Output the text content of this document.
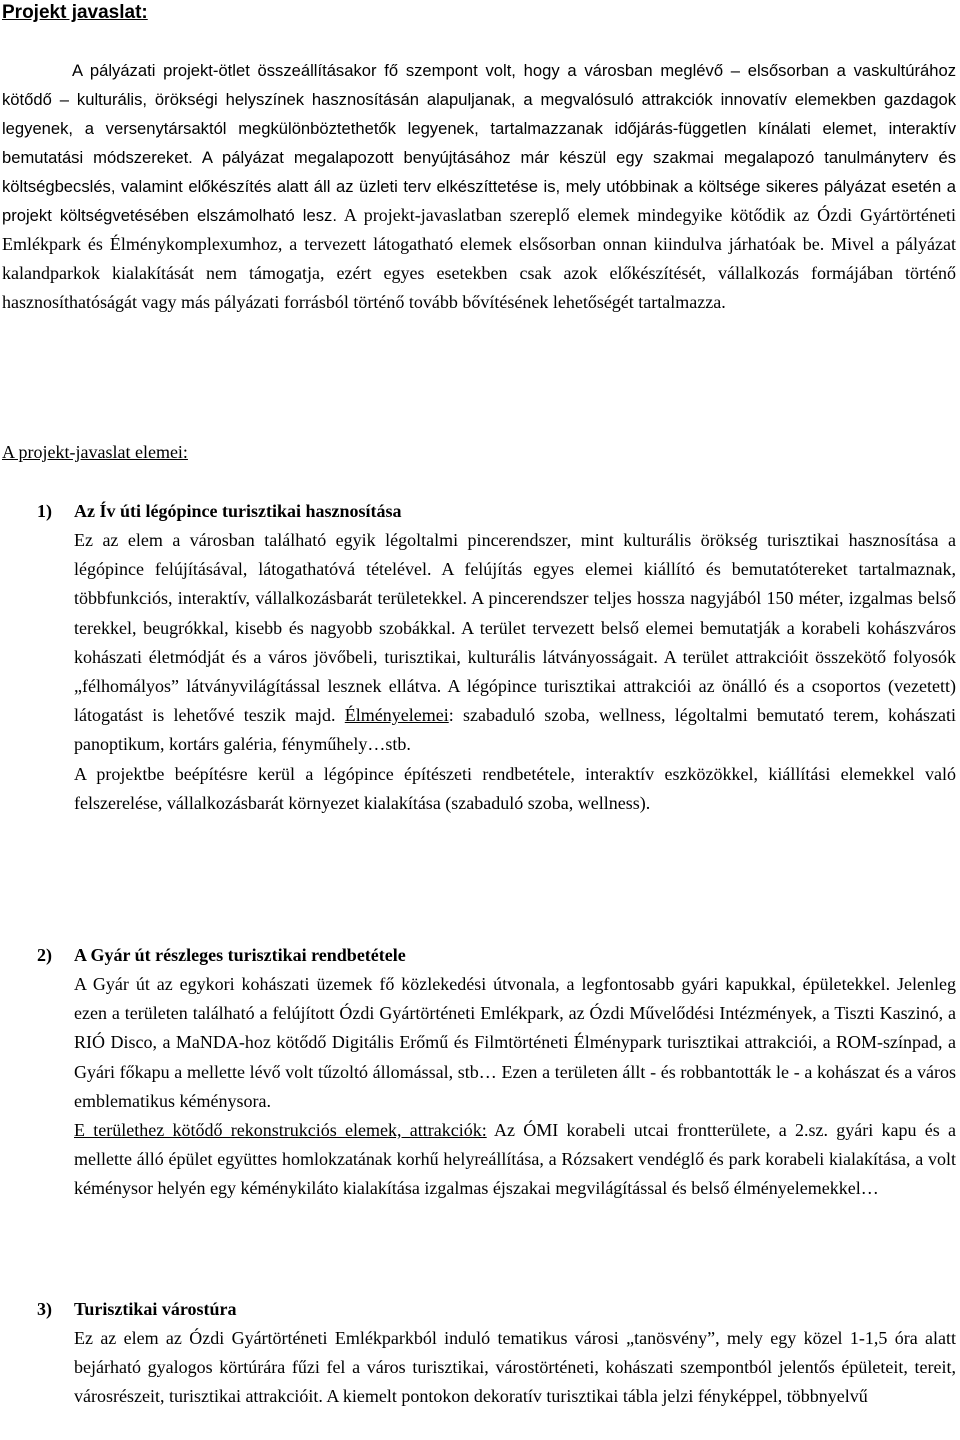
Projekt javaslat:

A pályázati projekt-ötlet összeállításakor fő szempont volt, hogy a városban meglévő – elsősorban a vaskultúrához kötődő – kulturális, örökségi helyszínek hasznosításán alapuljanak, a megvalósuló attrakciók innovatív elemekben gazdagok legyenek, a versenytársaktól megkülönböztethetők legyenek, tartalmazzanak időjárás-független kínálati elemet, interaktív bemutatási módszereket. A pályázat megalapozott benyújtásához már készül egy szakmai megalapozó tanulmányterv és költségbecslés, valamint előkészítés alatt áll az üzleti terv elkészíttetése is, mely utóbbinak a költsége sikeres pályázat esetén a projekt költségvetésében elszámolható lesz. A projekt-javaslatban szereplő elemek mindegyike kötődik az Ózdi Gyártörténeti Emlékpark és Élménykomplexumhoz, a tervezett látogatható elemek elsősorban onnan kiindulva járhatóak be. Mivel a pályázat kalandparkok kialakítását nem támogatja, ezért egyes esetekben csak azok előkészítését, vállalkozás formájában történő hasznosíthatóságát vagy más pályázati forrásból történő tovább bővítésének lehetőségét tartalmazza.

A projekt-javaslat elemei:

1) Az Ív úti légópince turisztikai hasznosítása

Ez az elem a városban található egyik légoltalmi pincerendszer, mint kulturális örökség turisztikai hasznosítása a légópince felújításával, látogathatóvá tételével. A felújítás egyes elemei kiállító és bemutatótereket tartalmaznak, többfunkciós, interaktív, vállalkozásbarát területekkel. A pincerendszer teljes hossza nagyjából 150 méter, izgalmas belső terekkel, beugrókkal, kisebb és nagyobb szobákkal. A terület tervezett belső elemei bemutatják a korabeli kohászváros kohászati életmódját és a város jövőbeli, turisztikai, kulturális látványosságait. A terület attrakcióit összekötő folyosók „félhomályos” látványvilágítással lesznek ellátva. A légópince turisztikai attrakciói az önálló és a csoportos (vezetett) látogatást is lehetővé teszik majd. Élményelemei: szabaduló szoba, wellness, légoltalmi bemutató terem, kohászati panoptikum, kortárs galéria, fényműhely…stb.

A projektbe beépítésre kerül a légópince építészeti rendbetétele, interaktív eszközökkel, kiállítási elemekkel való felszerelése, vállalkozásbarát környezet kialakítása (szabaduló szoba, wellness).

2) A Gyár út részleges turisztikai rendbetétele

A Gyár út az egykori kohászati üzemek fő közlekedési útvonala, a legfontosabb gyári kapukkal, épületekkel. Jelenleg ezen a területen található a felújított Ózdi Gyártörténeti Emlékpark, az Ózdi Művelődési Intézmények, a Tiszti Kaszinó, a RIÓ Disco, a MaNDA-hoz kötődő Digitális Erőmű és Filmtörténeti Élménypark turisztikai attrakciói, a ROM-színpad, a Gyári főkapu a mellette lévő volt tűzoltó állomással, stb… Ezen a területen állt - és robbantották le - a kohászat és a város emblematikus kéménysora.

E területhez kötődő rekonstrukciós elemek, attrakciók: Az ÓMI korabeli utcai frontterülete, a 2.sz. gyári kapu és a mellette álló épület együttes homlokzatának korhű helyreállítása, a Rózsakert vendéglő és park korabeli kialakítása, a volt kéménysor helyén egy kéménykiláto kialakítása izgalmas éjszakai megvilágítással és belső élményelemekkel…

3) Turisztikai várostúra

Ez az elem az Ózdi Gyártörténeti Emlékparkból induló tematikus városi „tanösvény”, mely egy közel 1-1,5 óra alatt bejárható gyalogos körtúrára fűzi fel a város turisztikai, várostörténeti, kohászati szempontból jelentős épületeit, tereit, városrészeit, turisztikai attrakcióit. A kiemelt pontokon dekoratív turisztikai tábla jelzi fényképpel, többnyelvű
